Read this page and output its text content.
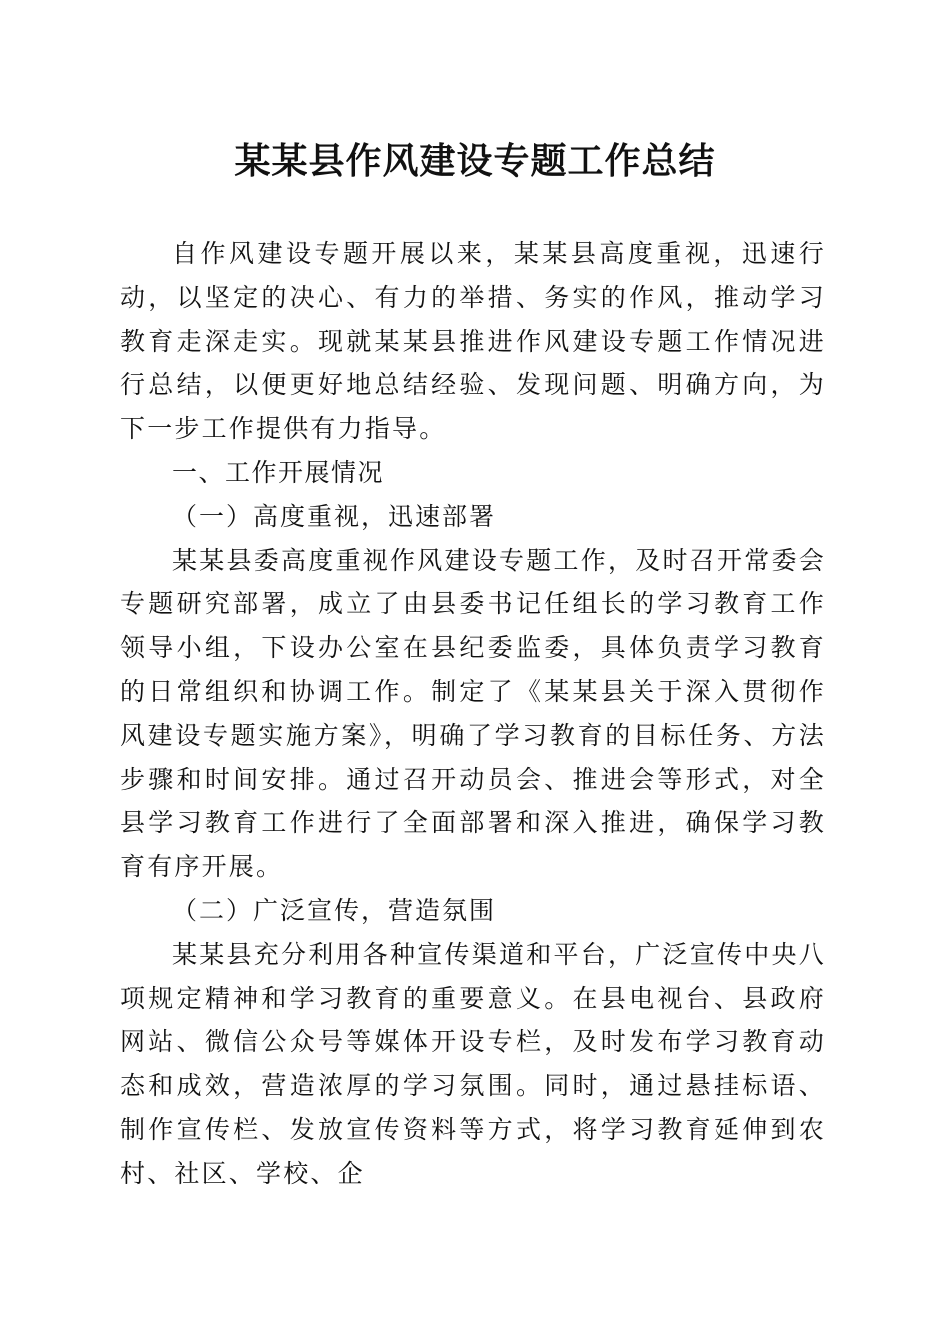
某某县作风建设专题工作总结

自作风建设专题开展以来，某某县高度重视，迅速行动，以坚定的决心、有力的举措、务实的作风，推动学习教育走深走实。现就某某县推进作风建设专题工作情况进行总结，以便更好地总结经验、发现问题、明确方向，为下一步工作提供有力指导。

一、工作开展情况

（一）高度重视，迅速部署

某某县委高度重视作风建设专题工作，及时召开常委会专题研究部署，成立了由县委书记任组长的学习教育工作领导小组，下设办公室在县纪委监委，具体负责学习教育的日常组织和协调工作。制定了《某某县关于深入贯彻作风建设专题实施方案》，明确了学习教育的目标任务、方法步骤和时间安排。通过召开动员会、推进会等形式，对全县学习教育工作进行了全面部署和深入推进，确保学习教育有序开展。

（二）广泛宣传，营造氛围

某某县充分利用各种宣传渠道和平台，广泛宣传中央八项规定精神和学习教育的重要意义。在县电视台、县政府网站、微信公众号等媒体开设专栏，及时发布学习教育动态和成效，营造浓厚的学习氛围。同时，通过悬挂标语、制作宣传栏、发放宣传资料等方式，将学习教育延伸到农村、社区、学校、企
